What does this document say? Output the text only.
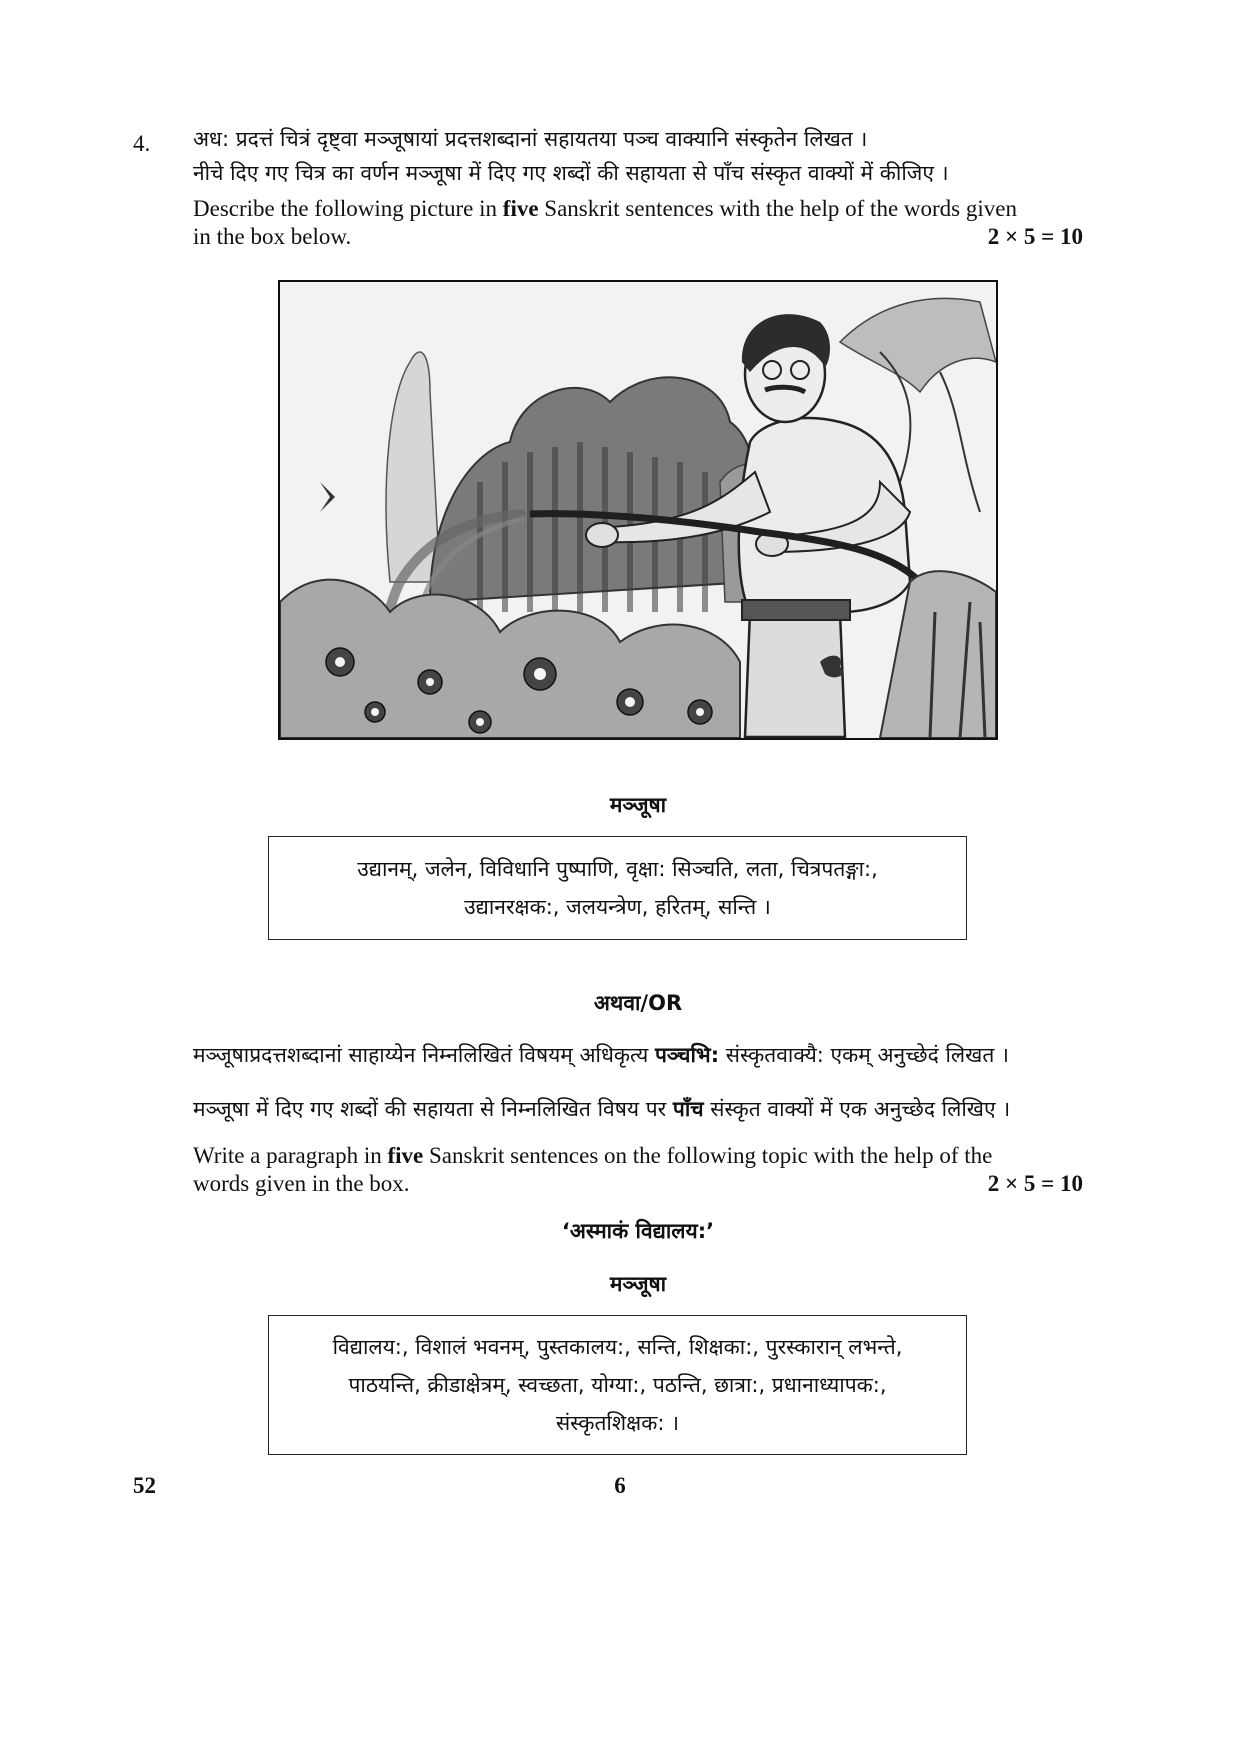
4. अध: प्रदत्तं चित्रं दृष्ट्वा मञ्जूषायां प्रदत्तशब्दानां सहायतया पञ्च वाक्यानि संस्कृतेन लिखत ।
नीचे दिए गए चित्र का वर्णन मञ्जूषा में दिए गए शब्दों की सहायता से पाँच संस्कृत वाक्यों में कीजिए ।
Describe the following picture in five Sanskrit sentences with the help of the words given
in the box below.	2 × 5 = 10
मञ्जूषा
उद्यानम्, जलेन, विविधानि पुष्पाणि, वृक्षा: सिञ्चति, लता, चित्रपतङ्गा:,
उद्यानरक्षक:, जलयन्त्रेण, हरितम्, सन्ति ।
अथवा/OR
मञ्जूषाप्रदत्तशब्दानां साहाय्येन निम्नलिखितं विषयम् अधिकृत्य पञ्चभि: संस्कृतवाक्यै: एकम् अनुच्छेदं लिखत ।
मञ्जूषा में दिए गए शब्दों की सहायता से निम्नलिखित विषय पर पाँच संस्कृत वाक्यों में एक अनुच्छेद लिखिए ।
Write a paragraph in five Sanskrit sentences on the following topic with the help of the
words given in the box.	2 × 5 = 10
‘अस्माकं विद्यालय:’
मञ्जूषा
विद्यालय:, विशालं भवनम्, पुस्तकालय:, सन्ति, शिक्षका:, पुरस्कारान् लभन्ते,
पाठयन्ति, क्रीडाक्षेत्रम्, स्वच्छता, योग्या:, पठन्ति, छात्रा:, प्रधानाध्यापक:,
संस्कृतशिक्षक: ।
52	6
